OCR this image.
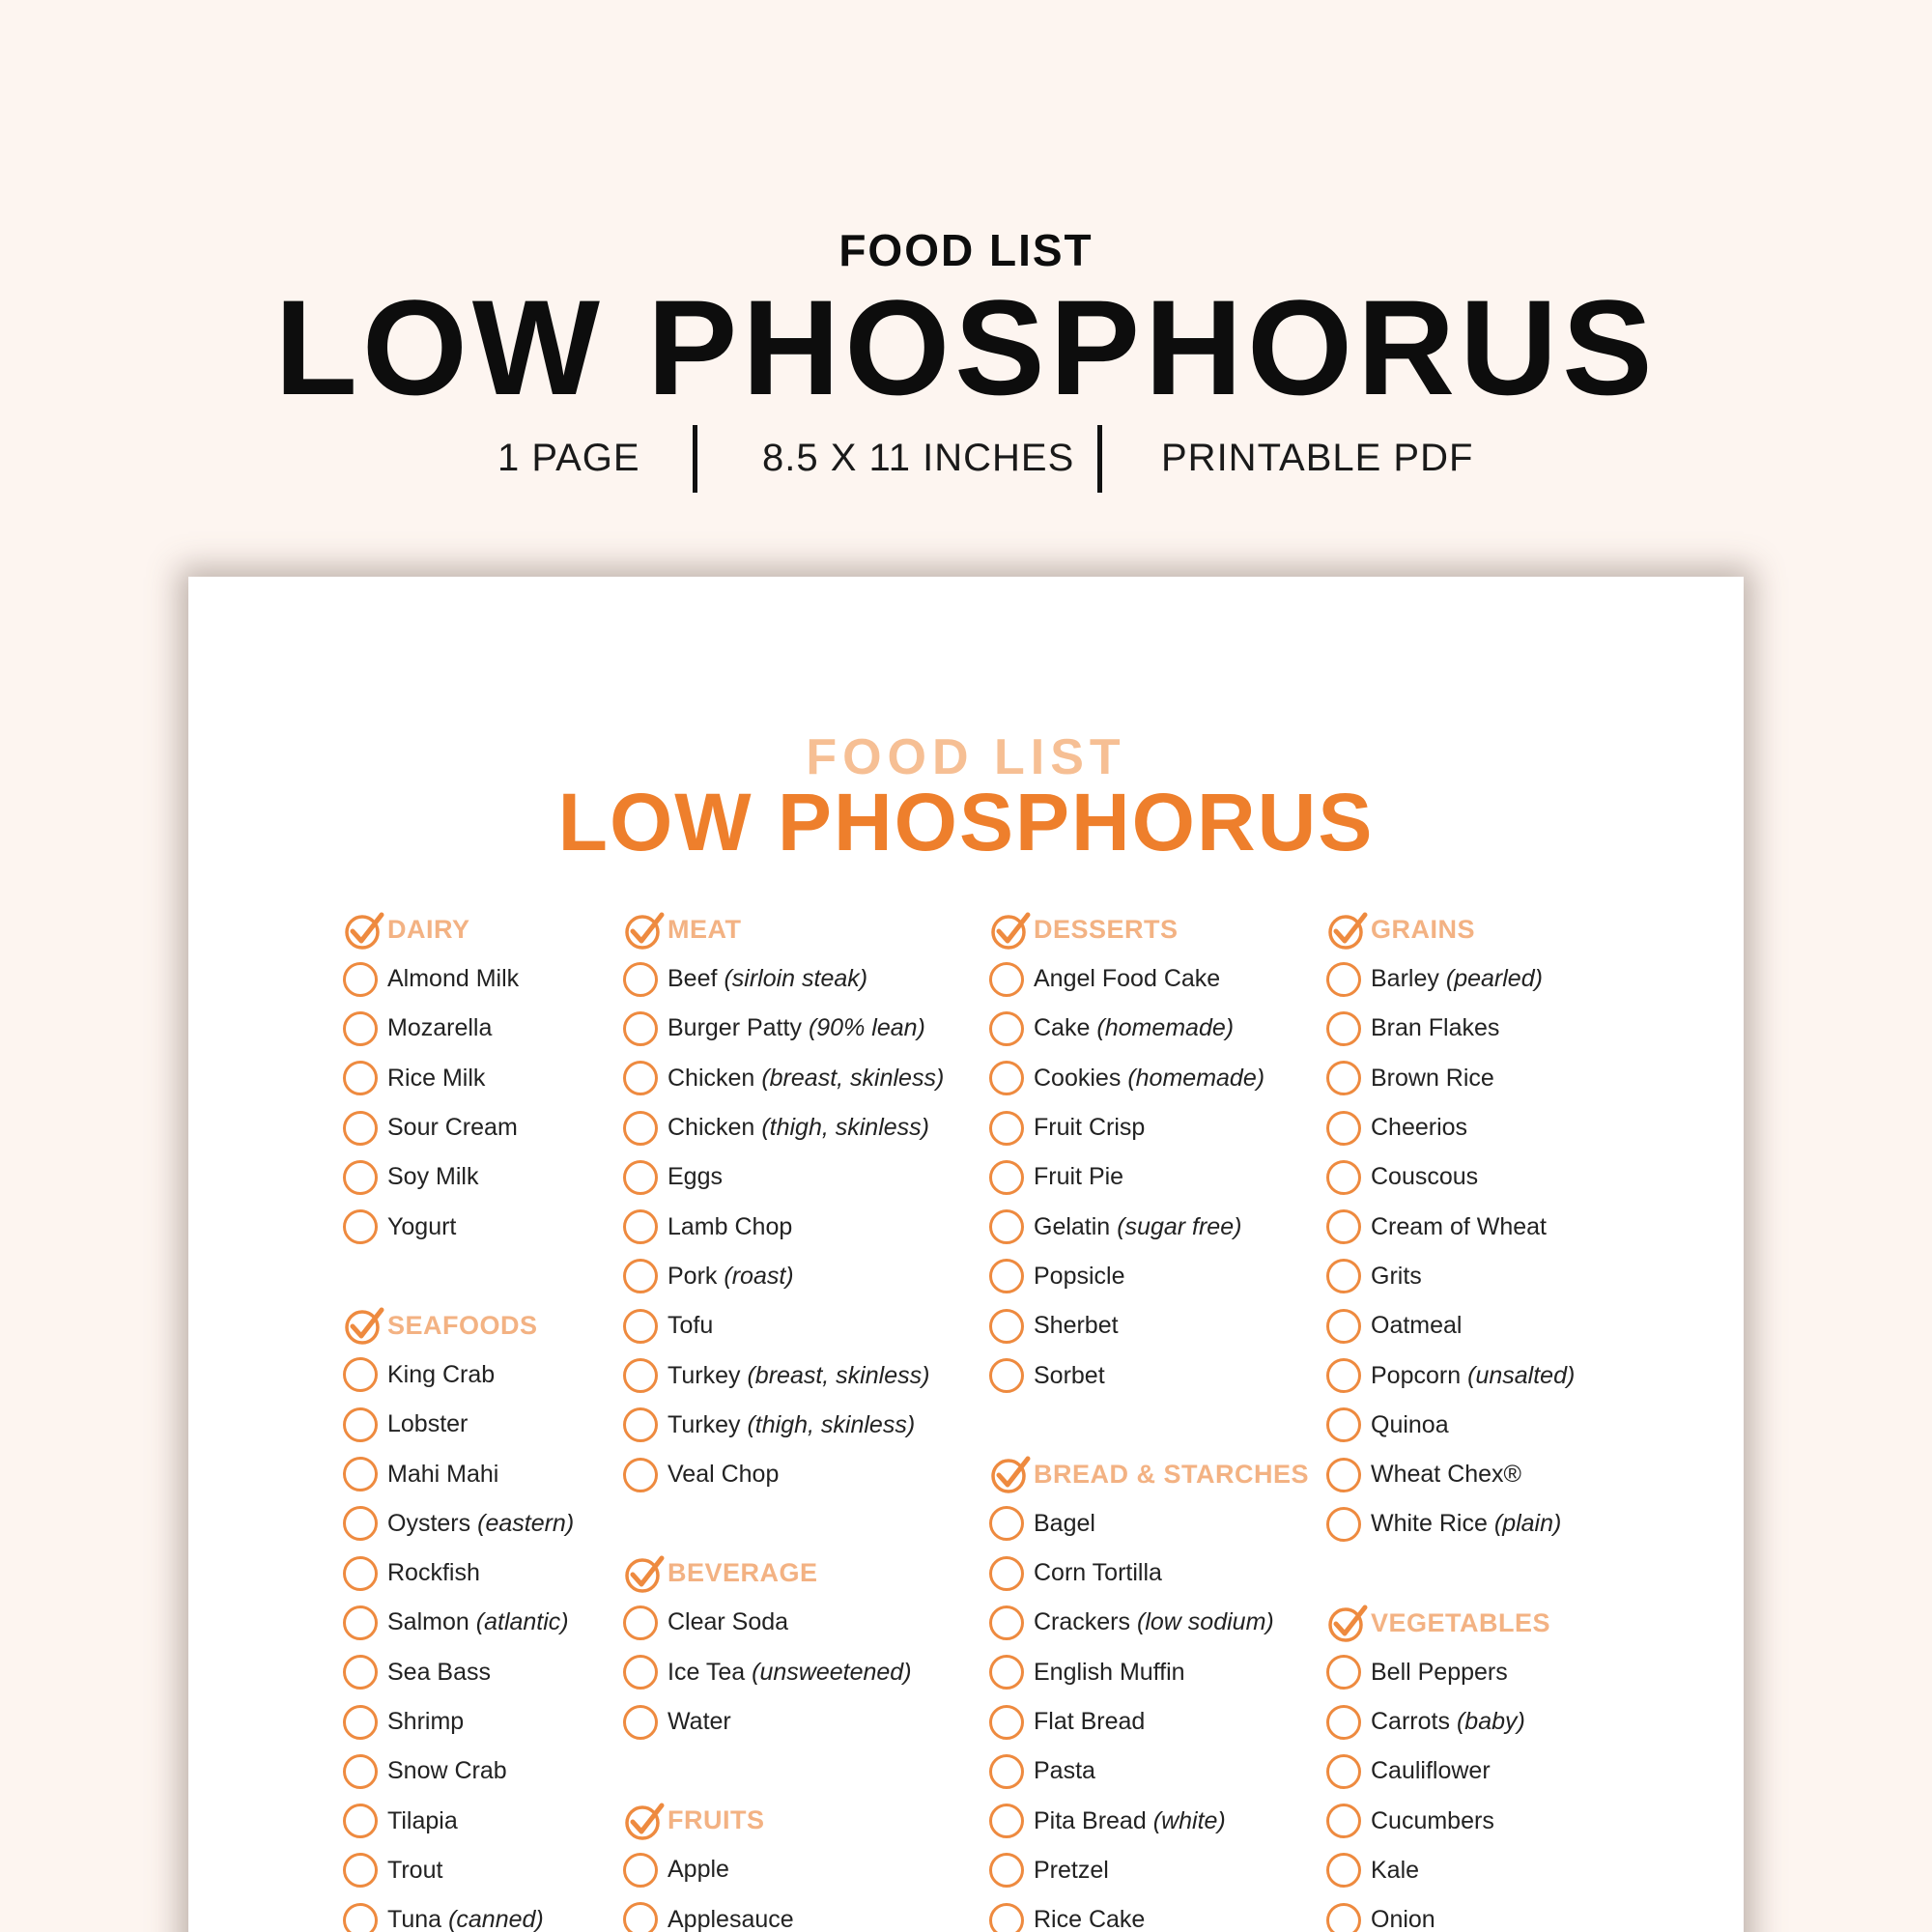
FOOD LIST
LOW PHOSPHORUS
1 PAGE	8.5 X 11 INCHES PRINTABLE PDF
FOOD LIST
LOW PHOSPHORUS
DAIRY
Almond Milk
Mozarella
Rice Milk
Sour Cream
Soy Milk
Yogurt
SEAFOODS
King Crab
Lobster
Mahi Mahi
Oysters (eastern)
Rockfish
Salmon (atlantic)
Sea Bass
Shrimp
Snow Crab
Tilapia
Trout
Tuna (canned)
MEAT
Beef (sirloin steak)
Burger Patty (90% lean)
Chicken (breast, skinless)
Chicken (thigh, skinless)
Eggs
Lamb Chop
Pork (roast)
Tofu
Turkey (breast, skinless)
Turkey (thigh, skinless)
Veal Chop
BEVERAGE
Clear Soda
Ice Tea (unsweetened)
Water
FRUITS
Apple
Applesauce
DESSERTS
Angel Food Cake
Cake (homemade)
Cookies (homemade)
Fruit Crisp
Fruit Pie
Gelatin (sugar free)
Popsicle
Sherbet
Sorbet
BREAD & STARCHES
Bagel
Corn Tortilla
Crackers (low sodium)
English Muffin
Flat Bread
Pasta
Pita Bread (white)
Pretzel
Rice Cake
GRAINS
Barley (pearled)
Bran Flakes
Brown Rice
Cheerios
Couscous
Cream of Wheat
Grits
Oatmeal
Popcorn (unsalted)
Quinoa
Wheat Chex®
White Rice (plain)
VEGETABLES
Bell Peppers
Carrots (baby)
Cauliflower
Cucumbers
Kale
Onion
